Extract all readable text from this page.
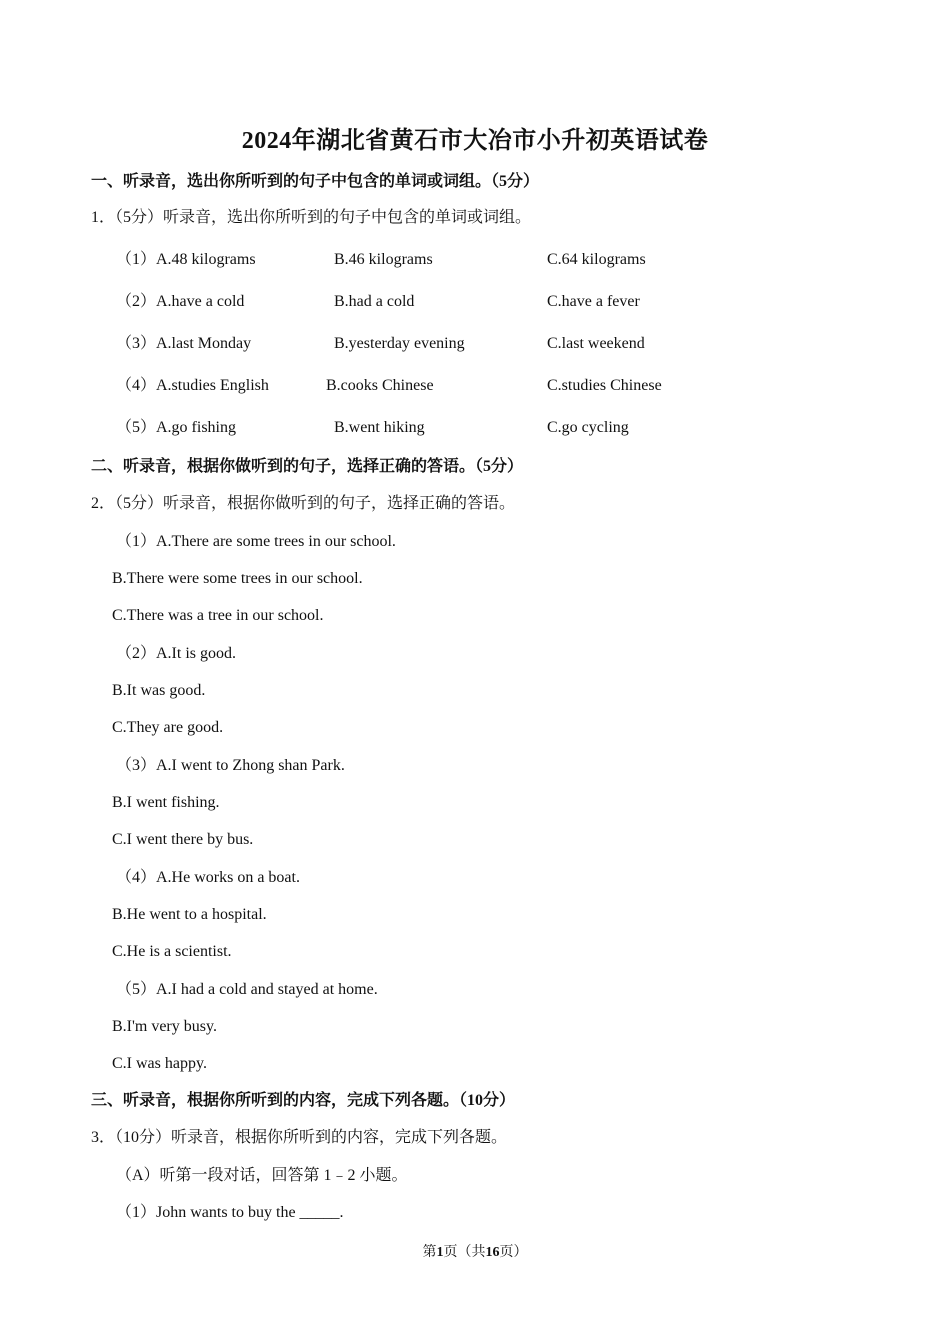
2024年湖北省黄石市大冶市小升初英语试卷
一、听录音，选出你所听到的句子中包含的单词或词组。（5分）
1．（5分）听录音，选出你所听到的句子中包含的单词或词组。
（1）A.48 kilograms	B.46 kilograms	C.64 kilograms
（2）A.have a cold	B.had a cold	C.have a fever
（3）A.last Monday	B.yesterday evening	C.last weekend
（4）A.studies English	B.cooks Chinese	C.studies Chinese
（5）A.go fishing	B.went hiking	C.go cycling
二、听录音，根据你做听到的句子，选择正确的答语。（5分）
2．（5分）听录音，根据你做听到的句子，选择正确的答语。
（1）A.There are some trees in our school.
B.There were some trees in our school.
C.There was a tree in our school.
（2）A.It is good.
B.It was good.
C.They are good.
（3）A.I went to Zhong shan Park.
B.I went fishing.
C.I went there by bus.
（4）A.He works on a boat.
B.He went to a hospital.
C.He is a scientist.
（5）A.I had a cold and stayed at home.
B.I'm very busy.
C.I was happy.
三、听录音，根据你所听到的内容，完成下列各题。（10分）
3．（10分）听录音，根据你所听到的内容，完成下列各题。
（A）听第一段对话，回答第 1﹣2 小题。
（1）John wants to buy the _____.
第1页（共16页）
